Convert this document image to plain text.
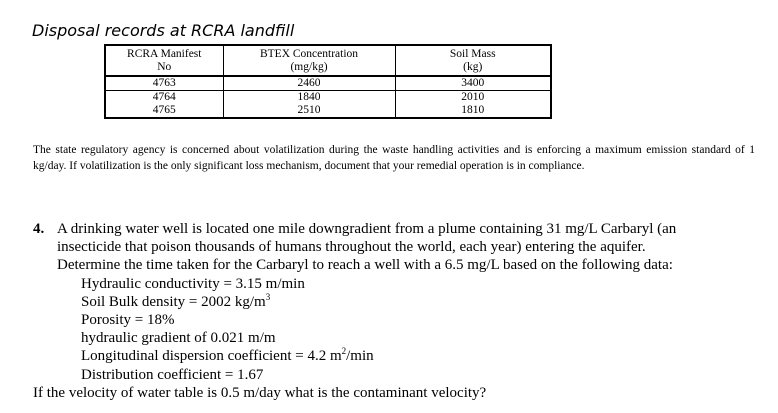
Disposal records at RCRA landfill
RCRA Manifest	BTEX Concentration	Soil Mass
No	(mg/kg)	(kg)
4763	2460	3400
4764	1840	2010
4765	2510	1810

The state regulatory agency is concerned about volatilization during the waste handling activities and is enforcing a maximum emission standard of 1 kg/day. If volatilization is the only significant loss mechanism, document that your remedial operation is in compliance.

4. A drinking water well is located one mile downgradient from a plume containing 31 mg/L Carbaryl (an
insecticide that poison thousands of humans throughout the world, each year) entering the aquifer.
Determine the time taken for the Carbaryl to reach a well with a 6.5 mg/L based on the following data:
Hydraulic conductivity = 3.15 m/min
Soil Bulk density = 2002 $kg/m^3$
Porosity = 18%
hydraulic gradient of 0.021 m/m
Longitudinal dispersion coefficient = 4.2 $m^2/\min$
Distribution coefficient = 1.67
If the velocity of water table is 0.5 m/day what is the contaminant velocity?
